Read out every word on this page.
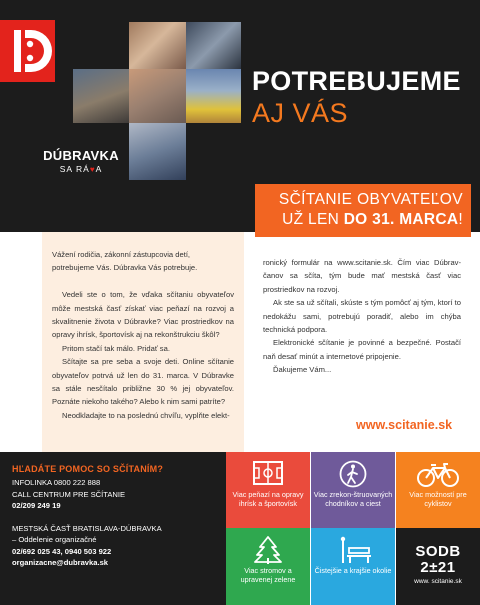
DÚBRAVKA
SA RÁ♥A
POTREBUJEME
AJ VÁS
SČÍTANIE OBYVATEĽOV
UŽ LEN DO 31. MARCA!

Vážení rodičia, zákonní zástupcovia detí,

potrebujeme Vás. Dúbravka Vás potrebuje.

Vedeli ste o tom, že vďaka sčítaniu obyvateľov môže mestská časť získať viac peňazí na rozvoj a skvalitnenie života v Dúbravke? Viac prostriedkov na opravy ihrísk, športovísk aj na rekonštrukciu škôl?

Pritom stačí tak málo. Pridať sa.

Sčítajte sa pre seba a svoje deti. Online sčítanie obyvateľov potrvá už len do 31. marca. V Dúbravke sa stále nesčítalo približne 30 % jej obyvateľov. Poznáte niekoho takého? Alebo k nim sami patríte?

Neodkladajte to na poslednú chvíľu, vyplňte elekt-

ronický formulár na www.scitanie.sk. Čím viac Dúbrav-čanov sa sčíta, tým bude mať mestská časť viac prostriedkov na rozvoj.

Ak ste sa už sčítali, skúste s tým pomôcť aj tým, ktorí to nedokážu sami, potrebujú poradiť, alebo im chýba technická podpora.

Elektronické sčítanie je povinné a bezpečné. Postačí naň desať minút a internetové pripojenie.

Ďakujeme Vám...

www.scitanie.sk
HĽADÁTE POMOC SO SČÍTANÍM?
INFOLINKA 0800 222 888
CALL CENTRUM PRE SČÍTANIE
02/209 249 19
MESTSKÁ ČASŤ BRATISLAVA-DÚBRAVKA
– Oddelenie organizačné
02/692 025 43, 0940 503 922
organizacne@dubravka.sk
Viac peňazí na opravy ihrísk a športovísk
Viac zrekon-štruovaných chodníkov a ciest
Viac možností pre cyklistov
Viac stromov a upravenej zelene
Čistejšie a krajšie okolie
SODB
2±21
www. scitanie.sk
